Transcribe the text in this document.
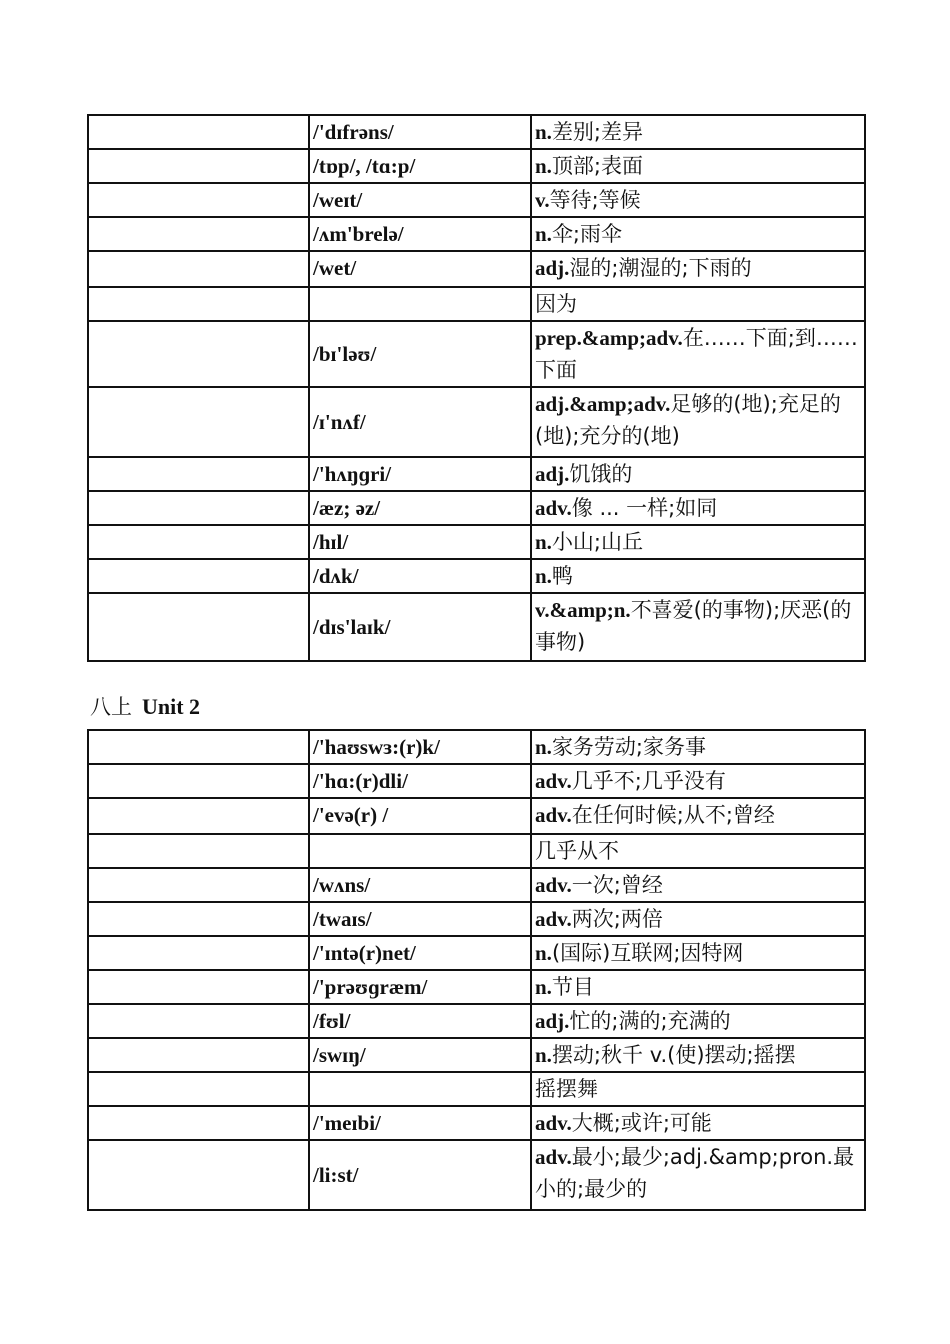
	/'dɪfrəns/	n.差别;差异
	/tɒp/, /tɑ:p/	n.顶部;表面
	/weɪt/	v.等待;等候
	/ʌm'brelə/	n.伞;雨伞
	/wet/	adj.湿的;潮湿的;下雨的
		因为
	/bɪ'ləʊ/	prep.&amp;adv.在……下面;到……下面
	/ɪ'nʌf/	adj.&amp;adv.足够的(地);充足的(地);充分的(地)
	/'hʌŋɡri/	adj.饥饿的
	/æz; əz/	adv.像 ... 一样;如同
	/hɪl/	n.小山;山丘
	/dʌk/	n.鸭
	/dɪs'laɪk/	v.&amp;n.不喜爱(的事物);厌恶(的事物)
八上 Unit 2
	/'haʊswɜ:(r)k/	n.家务劳动;家务事
	/'hɑ:(r)dli/	adv.几乎不;几乎没有
	/'evə(r) /	adv.在任何时候;从不;曾经
		几乎从不
	/wʌns/	adv.一次;曾经
	/twaɪs/	adv.两次;两倍
	/'ɪntə(r)net/	n.(国际)互联网;因特网
	/'prəʊɡræm/	n.节目
	/fʊl/	adj.忙的;满的;充满的
	/swɪŋ/	n.摆动;秋千 v.(使)摆动;摇摆
		摇摆舞
	/'meɪbi/	adv.大概;或许;可能
	/li:st/	adv.最小;最少;adj.&amp;pron.最小的;最少的
